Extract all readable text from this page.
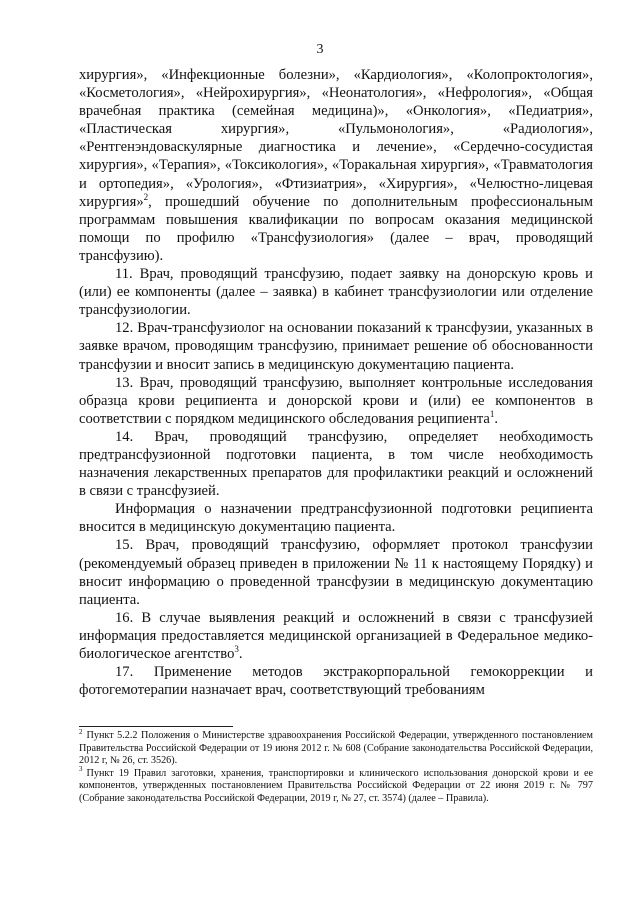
3

хирургия», «Инфекционные болезни», «Кардиология», «Колопроктология», «Косметология», «Нейрохирургия», «Неонатология», «Нефрология», «Общая врачебная практика (семейная медицина)», «Онкология», «Педиатрия», «Пластическая хирургия», «Пульмонология», «Радиология», «Рентгенэндоваскулярные диагностика и лечение», «Сердечно-сосудистая хирургия», «Терапия», «Токсикология», «Торакальная хирургия», «Травматология и ортопедия», «Урология», «Фтизиатрия», «Хирургия», «Челюстно-лицевая хирургия»$^2$, прошедший обучение по дополнительным профессиональным программам повышения квалификации по вопросам оказания медицинской помощи по профилю «Трансфузиология» (далее – врач, проводящий трансфузию).

11. Врач, проводящий трансфузию, подает заявку на донорскую кровь и (или) ее компоненты (далее – заявка) в кабинет трансфузиологии или отделение трансфузиологии.

12. Врач-трансфузиолог на основании показаний к трансфузии, указанных в заявке врачом, проводящим трансфузию, принимает решение об обоснованности трансфузии и вносит запись в медицинскую документацию пациента.

13. Врач, проводящий трансфузию, выполняет контрольные исследования образца крови реципиента и донорской крови и (или) ее компонентов в соответствии с порядком медицинского обследования реципиента$^1$.

14. Врач, проводящий трансфузию, определяет необходимость предтрансфузионной подготовки пациента, в том числе необходимость назначения лекарственных препаратов для профилактики реакций и осложнений в связи с трансфузией.

Информация о назначении предтрансфузионной подготовки реципиента вносится в медицинскую документацию пациента.

15. Врач, проводящий трансфузию, оформляет протокол трансфузии (рекомендуемый образец приведен в приложении № 11 к настоящему Порядку) и вносит информацию о проведенной трансфузии в медицинскую документацию пациента.

16. В случае выявления реакций и осложнений в связи с трансфузией информация предоставляется медицинской организацией в Федеральное медико-биологическое агентство$^3$.

17. Применение методов экстракорпоральной гемокоррекции и фотогемотерапии назначает врач, соответствующий требованиям

$^2$ Пункт 5.2.2 Положения о Министерстве здравоохранения Российской Федерации, утвержденного постановлением Правительства Российской Федерации от 19 июня 2012 г. № 608 (Собрание законодательства Российской Федерации, 2012 г, № 26, ст. 3526).

$^3$ Пункт 19 Правил заготовки, хранения, транспортировки и клинического использования донорской крови и ее компонентов, утвержденных постановлением Правительства Российской Федерации от 22 июня 2019 г. № 797 (Собрание законодательства Российской Федерации, 2019 г, № 27, ст. 3574) (далее – Правила).
